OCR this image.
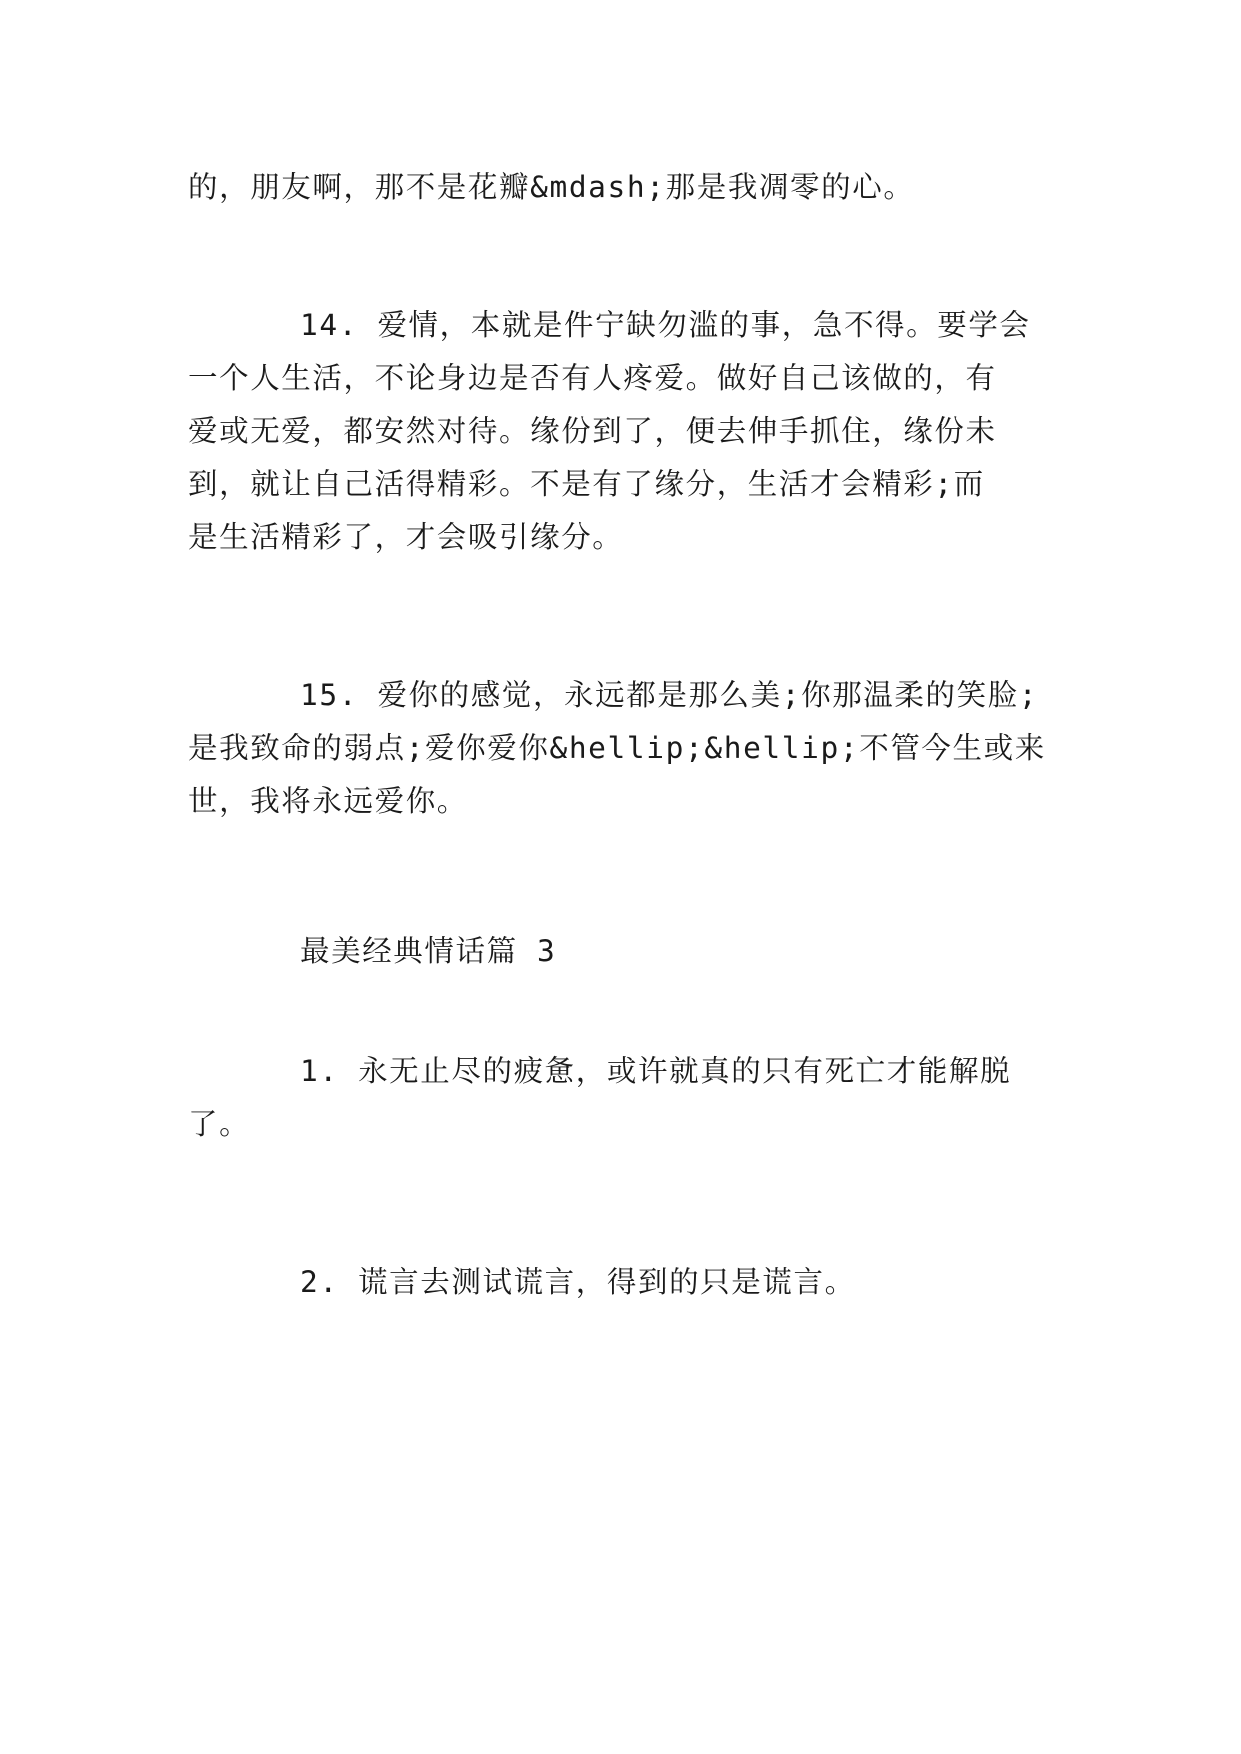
的，朋友啊，那不是花瓣&mdash;那是我凋零的心。
14. 爱情，本就是件宁缺勿滥的事，急不得。要学会
一个人生活，不论身边是否有人疼爱。做好自己该做的，有
爱或无爱，都安然对待。缘份到了，便去伸手抓住，缘份未
到，就让自己活得精彩。不是有了缘分，生活才会精彩;而
是生活精彩了，才会吸引缘分。
15. 爱你的感觉，永远都是那么美;你那温柔的笑脸;
是我致命的弱点;爱你爱你&hellip;&hellip;不管今生或来
世，我将永远爱你。
最美经典情话篇 3
1. 永无止尽的疲惫，或许就真的只有死亡才能解脱
了。
2. 谎言去测试谎言，得到的只是谎言。
